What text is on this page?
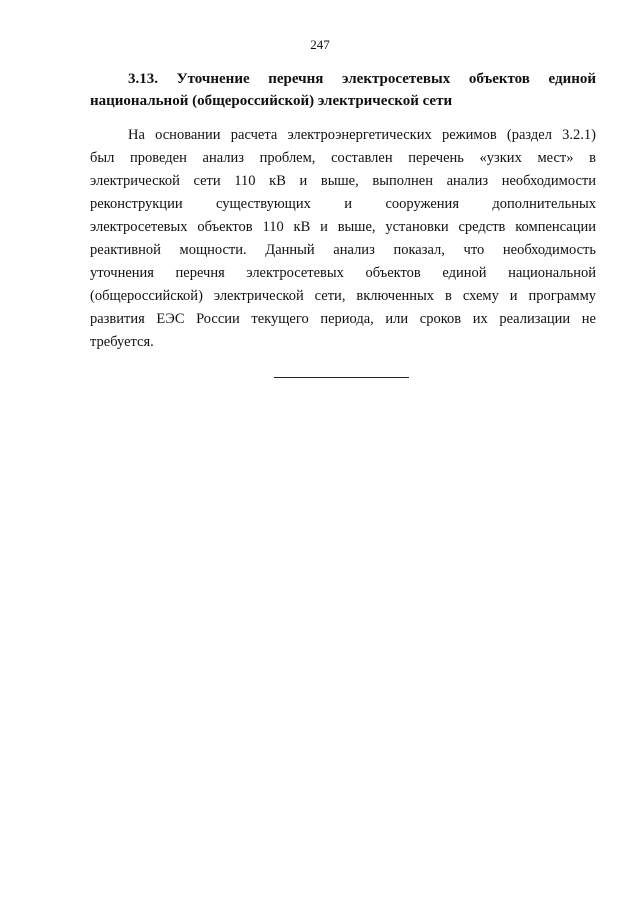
247
3.13. Уточнение перечня электросетевых объектов единой
национальной (общероссийской) электрической сети
На основании расчета электроэнергетических режимов (раздел 3.2.1)
был проведен анализ проблем, составлен перечень «узких мест» в
электрической сети 110 кВ и выше, выполнен анализ необходимости
реконструкции существующих и сооружения дополнительных
электросетевых объектов 110 кВ и выше, установки средств компенсации
реактивной мощности. Данный анализ показал, что необходимость
уточнения перечня электросетевых объектов единой национальной
(общероссийской) электрической сети, включенных в схему и программу
развития ЕЭС России текущего периода, или сроков их реализации не
требуется.
